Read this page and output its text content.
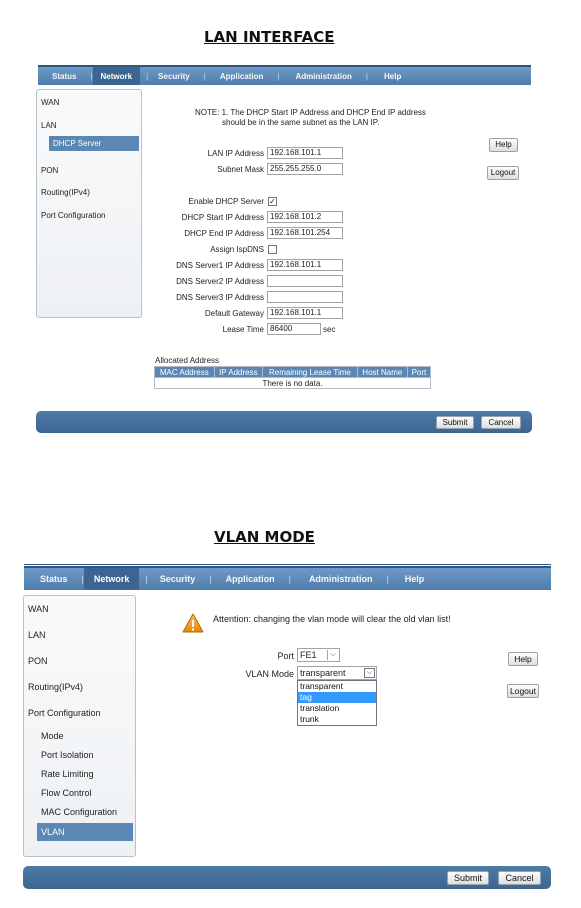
LAN INTERFACE
Status	|	Network	|	Security	|	Application	|	Administration	|	Help
WAN
LAN
DHCP Server
PON
Routing(IPv4)
Port Configuration
NOTE: 1. The DHCP Start IP Address and DHCP End IP address
should be in the same subnet as the LAN IP.
Help
Logout
LAN IP Address 192.168.101.1
Subnet Mask 255.255.255.0
Enable DHCP Server ✓
DHCP Start IP Address 192.168.101.2
DHCP End IP Address 192.168.101.254
Assign IspDNS
DNS Server1 IP Address 192.168.101.1
DNS Server2 IP Address
DNS Server3 IP Address
Default Gateway 192.168.101.1
Lease Time 86400	sec
Allocated Address
MAC Address	IP Address	Remaining Lease Time	Host Name	Port
There is no data.
Submit	Cancel
VLAN MODE
Status	|	Network	|	Security	|	Application	|	Administration	|	Help
WAN
LAN
PON
Routing(IPv4)
Port Configuration
Mode
Port Isolation
Rate Limiting
Flow Control
MAC Configuration
VLAN
Attention: changing the vlan mode will clear the old vlan list!
Port FE1	⌵
VLAN Mode transparent	⌵
transparent
tag
translation
trunk
Help
Logout
Submit	Cancel
